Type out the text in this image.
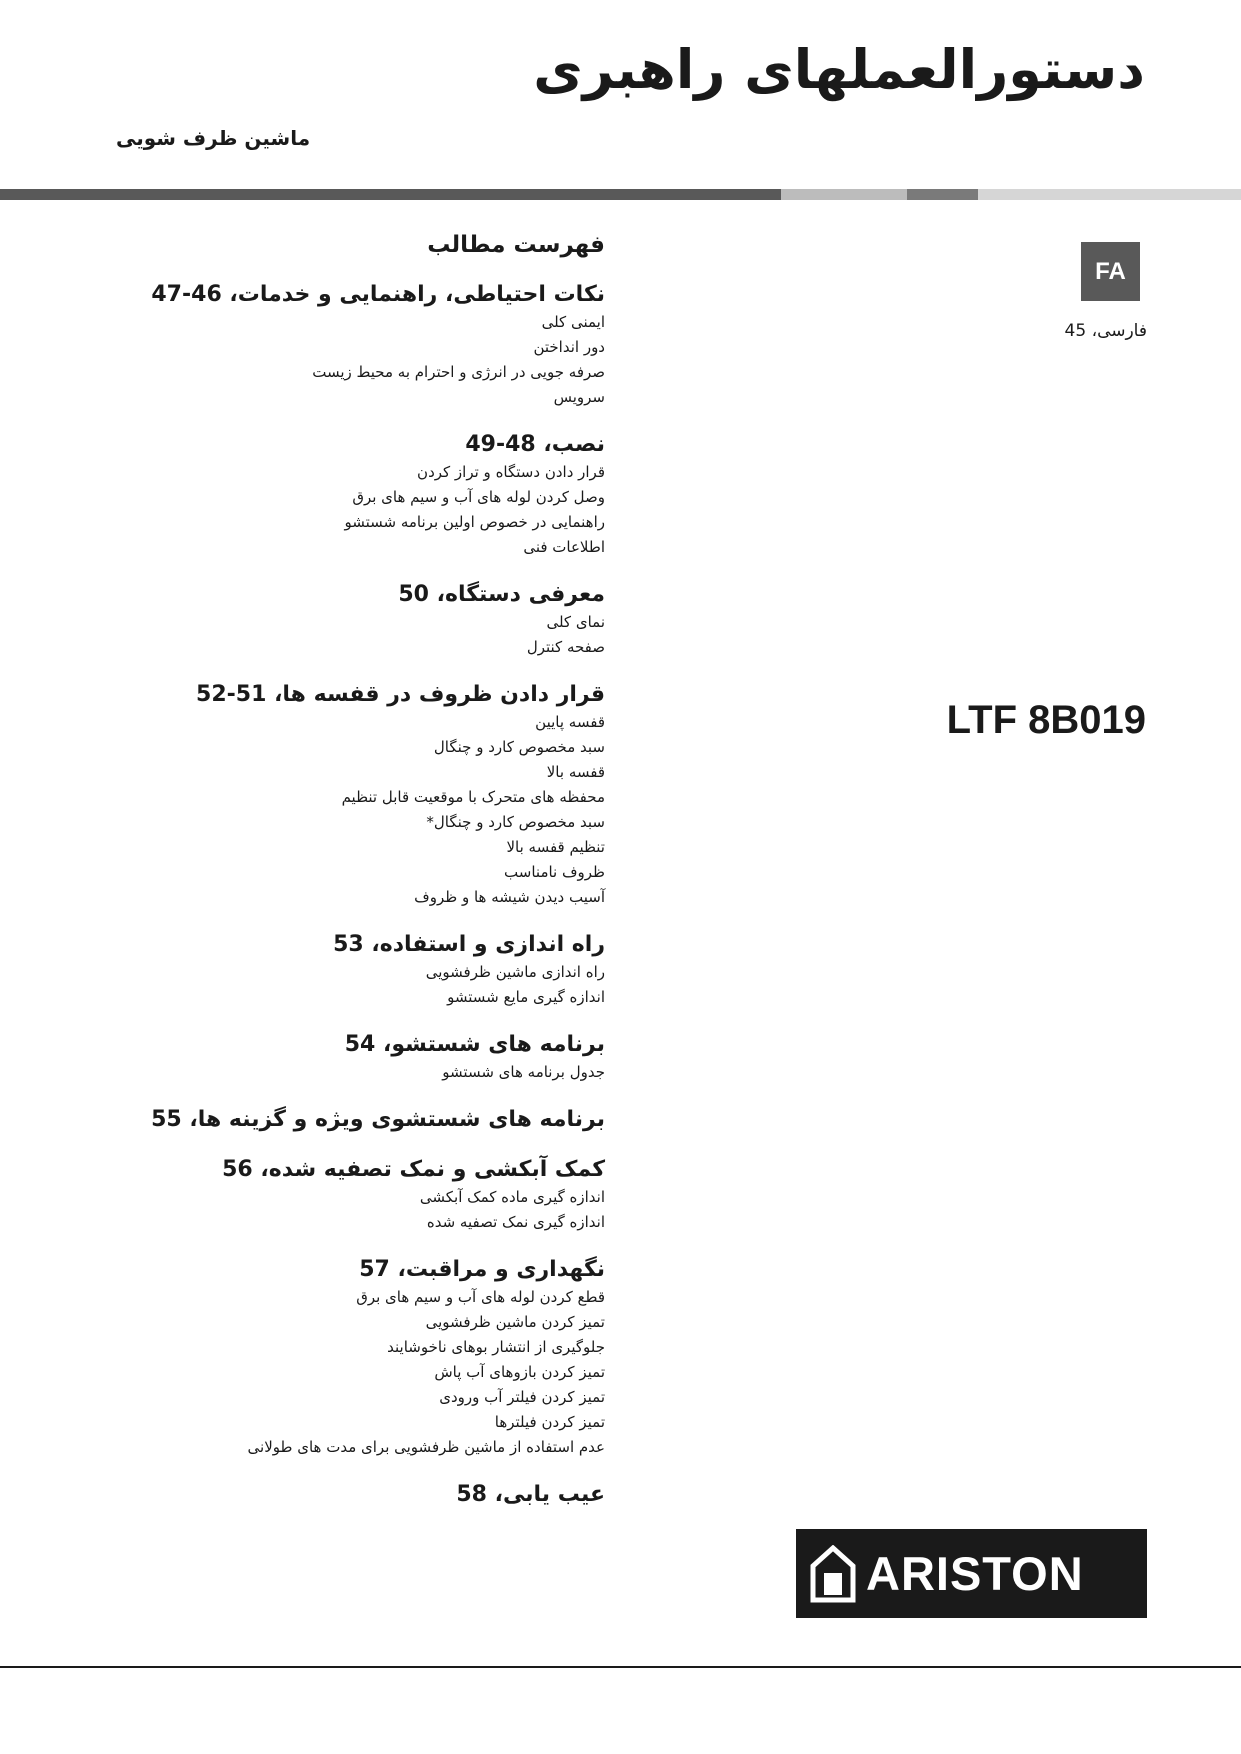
دستورالعملهای راهبری
ماشین ظرف شویی
فهرست مطالب
نکات احتیاطی، راهنمایی و خدمات، 46-47
ایمنی کلی
دور انداختن
صرفه جویی در انرژی و احترام به محیط زیست
سرویس
نصب، 48-49
قرار دادن دستگاه و تراز کردن
وصل کردن لوله های آب و سیم های برق
راهنمایی در خصوص اولین برنامه شستشو
اطلاعات فنی
معرفی دستگاه، 50
نمای کلی
صفحه کنترل
قرار دادن ظروف در قفسه ها، 51-52
قفسه پایین
سبد مخصوص کارد و چنگال
قفسه بالا
محفظه های متحرک با موقعیت قابل تنظیم
سبد مخصوص کارد و چنگال*
تنظیم قفسه بالا
ظروف نامناسب
آسیب دیدن شیشه ها و ظروف
راه اندازی و استفاده، 53
راه اندازی ماشین ظرفشویی
اندازه گیری مایع شستشو
برنامه های شستشو، 54
جدول برنامه های شستشو
برنامه های شستشوی ویژه و گزینه ها، 55
کمک آبکشی و نمک تصفیه شده، 56
اندازه گیری ماده کمک آبکشی
اندازه گیری نمک تصفیه شده
نگهداری و مراقبت، 57
قطع کردن لوله های آب و سیم های برق
تمیز کردن ماشین ظرفشویی
جلوگیری از انتشار بوهای ناخوشایند
تمیز کردن بازوهای آب پاش
تمیز کردن فیلتر آب ورودی
تمیز کردن فیلترها
عدم استفاده از ماشین ظرفشویی برای مدت های طولانی
عیب یابی، 58
FA
فارسی، 45
LTF 8B019
ARISTON
